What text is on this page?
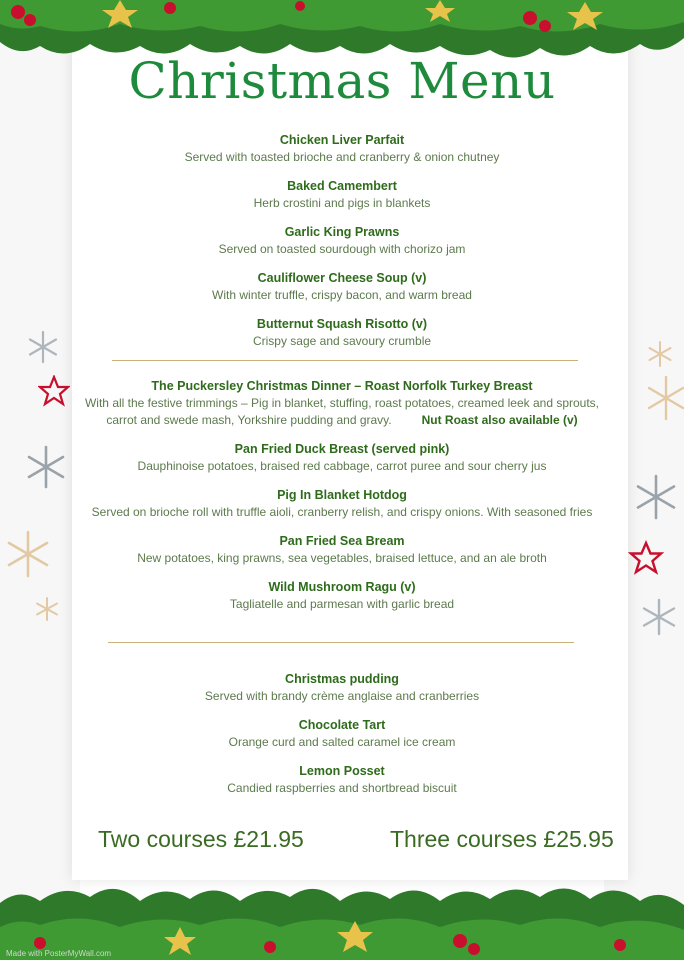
Christmas Menu
Chicken Liver Parfait
Served with toasted brioche and cranberry & onion chutney
Baked Camembert
Herb crostini and pigs in blankets
Garlic King Prawns
Served on toasted sourdough with chorizo jam
Cauliflower Cheese Soup (v)
With winter truffle, crispy bacon, and warm bread
Butternut Squash Risotto (v)
Crispy sage and savoury crumble
The Puckersley Christmas Dinner – Roast Norfolk Turkey Breast
With all the festive trimmings – Pig in blanket, stuffing, roast potatoes, creamed leek and sprouts,
carrot and swede mash, Yorkshire pudding and gravy.	Nut Roast also available (v)
Pan Fried Duck Breast (served pink)
Dauphinoise potatoes, braised red cabbage, carrot puree and sour cherry jus
Pig In Blanket Hotdog
Served on brioche roll with truffle aioli, cranberry relish, and crispy onions. With seasoned fries
Pan Fried Sea Bream
New potatoes, king prawns, sea vegetables, braised lettuce, and an ale broth
Wild Mushroom Ragu (v)
Tagliatelle and parmesan with garlic bread
Christmas pudding
Served with brandy crème anglaise and cranberries
Chocolate Tart
Orange curd and salted caramel ice cream
Lemon Posset
Candied raspberries and shortbread biscuit
Two courses £21.95	Three courses £25.95
Made with PosterMyWall.com
